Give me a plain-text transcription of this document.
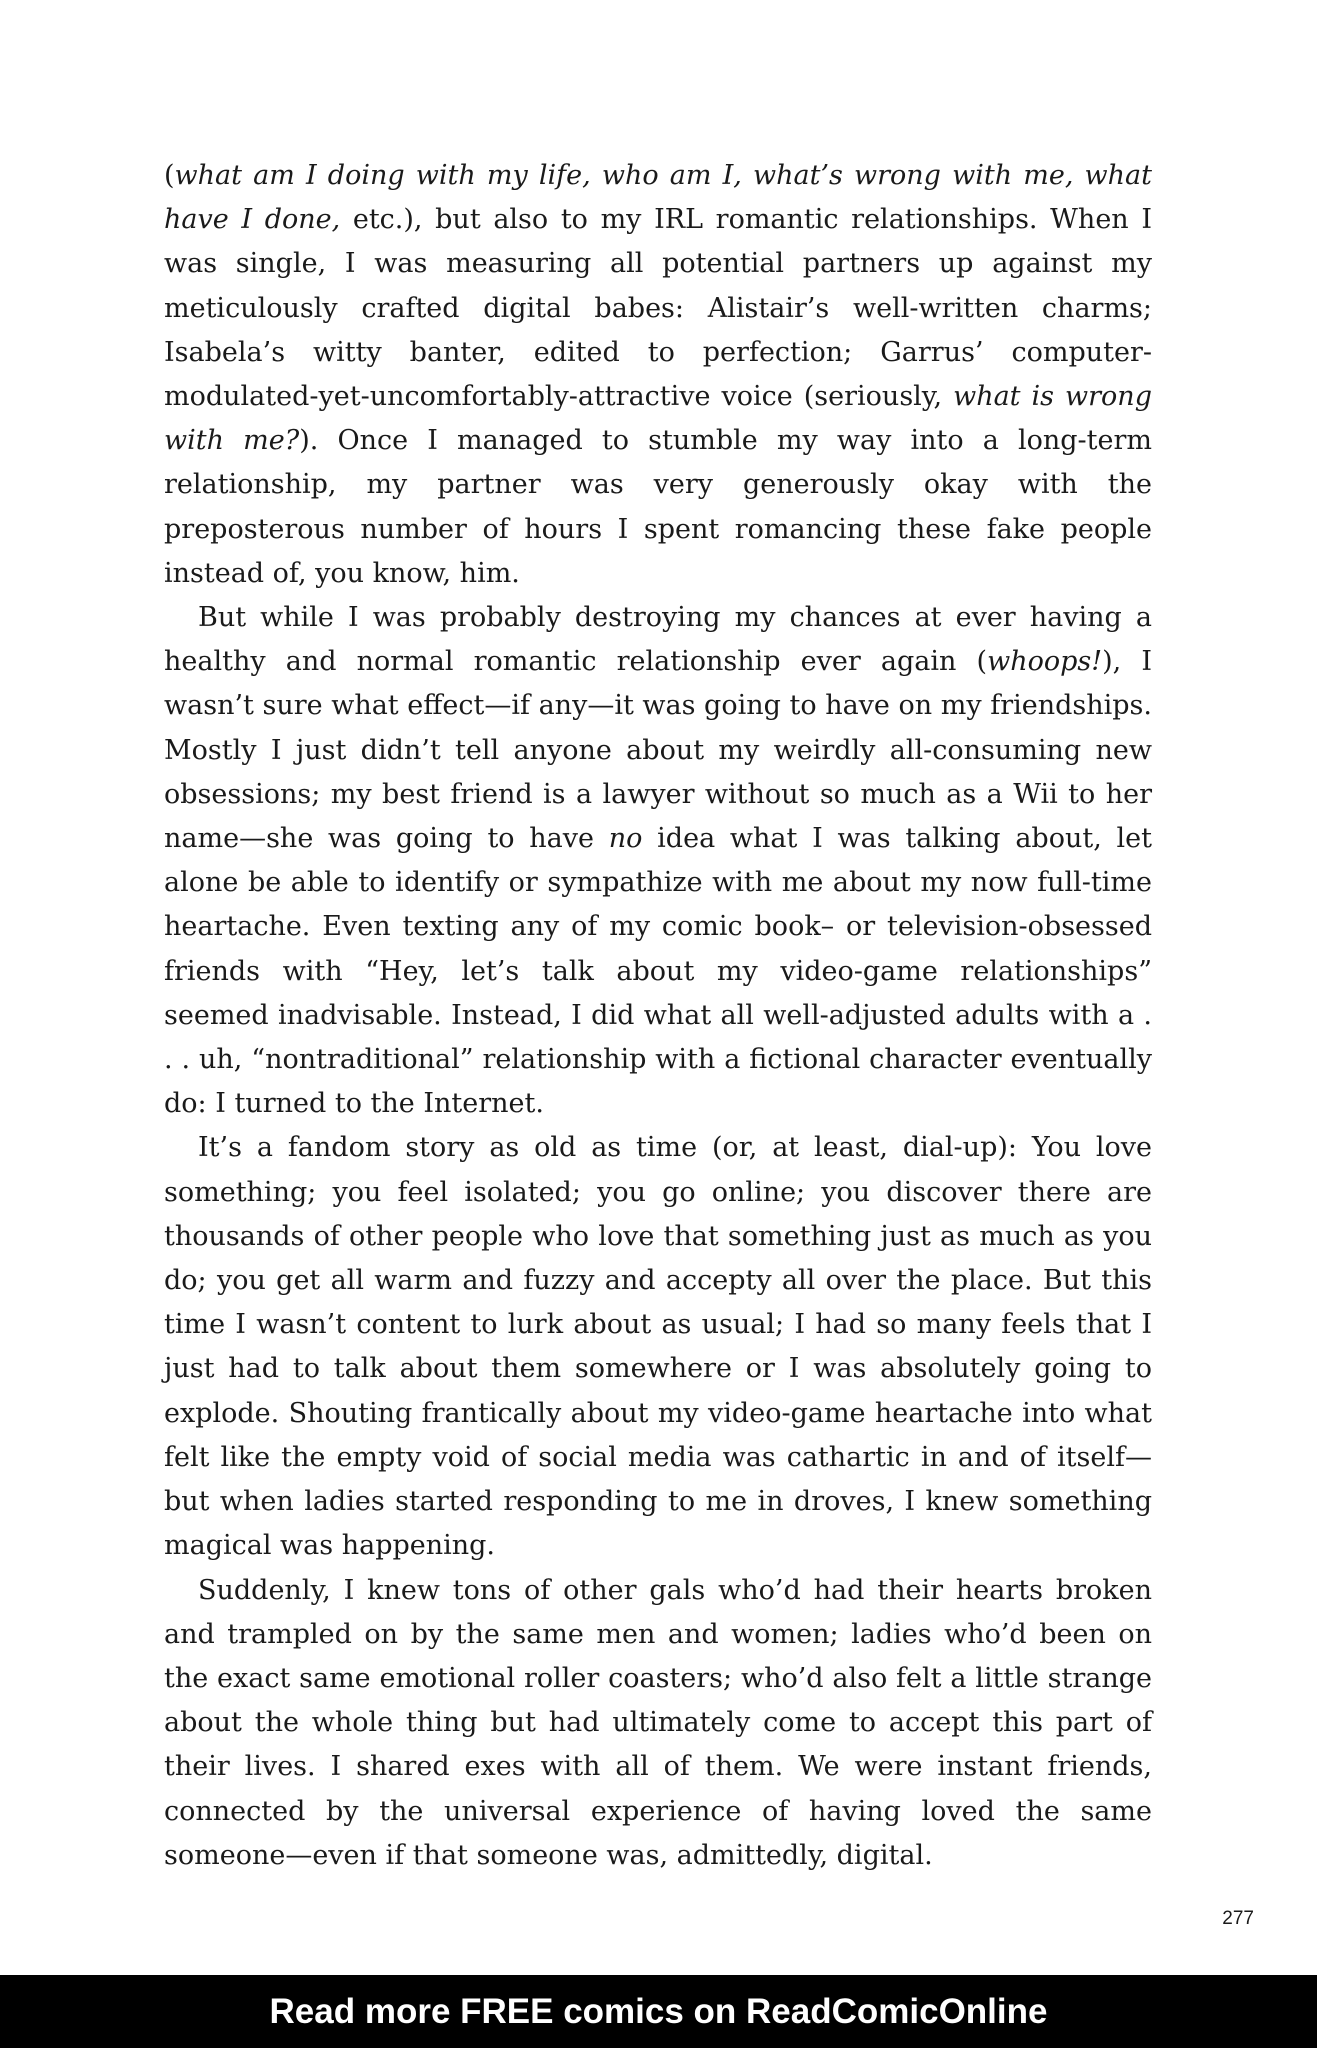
(what am I doing with my life, who am I, what’s wrong with me, what have I done, etc.), but also to my IRL romantic relationships. When I was single, I was measuring all potential partners up against my meticulously crafted digital babes: Alistair’s well-written charms; Isabela’s witty banter, edited to perfection; Garrus’ computer-modulated-yet-uncomfortably-attractive voice (seriously, what is wrong with me?). Once I managed to stumble my way into a long-term relationship, my partner was very generously okay with the preposterous number of hours I spent romancing these fake people instead of, you know, him.

But while I was probably destroying my chances at ever having a healthy and normal romantic relationship ever again (whoops!), I wasn’t sure what effect—if any—it was going to have on my friendships. Mostly I just didn’t tell anyone about my weirdly all-consuming new obsessions; my best friend is a lawyer without so much as a Wii to her name—she was going to have no idea what I was talking about, let alone be able to identify or sympathize with me about my now full-time heartache. Even texting any of my comic book– or television-obsessed friends with “Hey, let’s talk about my video-game relationships” seemed inadvisable. Instead, I did what all well-adjusted adults with a . . . uh, “nontraditional” relationship with a fictional character eventually do: I turned to the Internet.

It’s a fandom story as old as time (or, at least, dial-up): You love something; you feel isolated; you go online; you discover there are thousands of other people who love that something just as much as you do; you get all warm and fuzzy and accepty all over the place. But this time I wasn’t content to lurk about as usual; I had so many feels that I just had to talk about them somewhere or I was absolutely going to explode. Shouting frantically about my video-game heartache into what felt like the empty void of social media was cathartic in and of itself—but when ladies started responding to me in droves, I knew something magical was happening.

Suddenly, I knew tons of other gals who’d had their hearts broken and trampled on by the same men and women; ladies who’d been on the exact same emotional roller coasters; who’d also felt a little strange about the whole thing but had ultimately come to accept this part of their lives. I shared exes with all of them. We were instant friends, connected by the universal experience of having loved the same someone—even if that someone was, admittedly, digital.

277
Read more FREE comics on ReadComicOnline
